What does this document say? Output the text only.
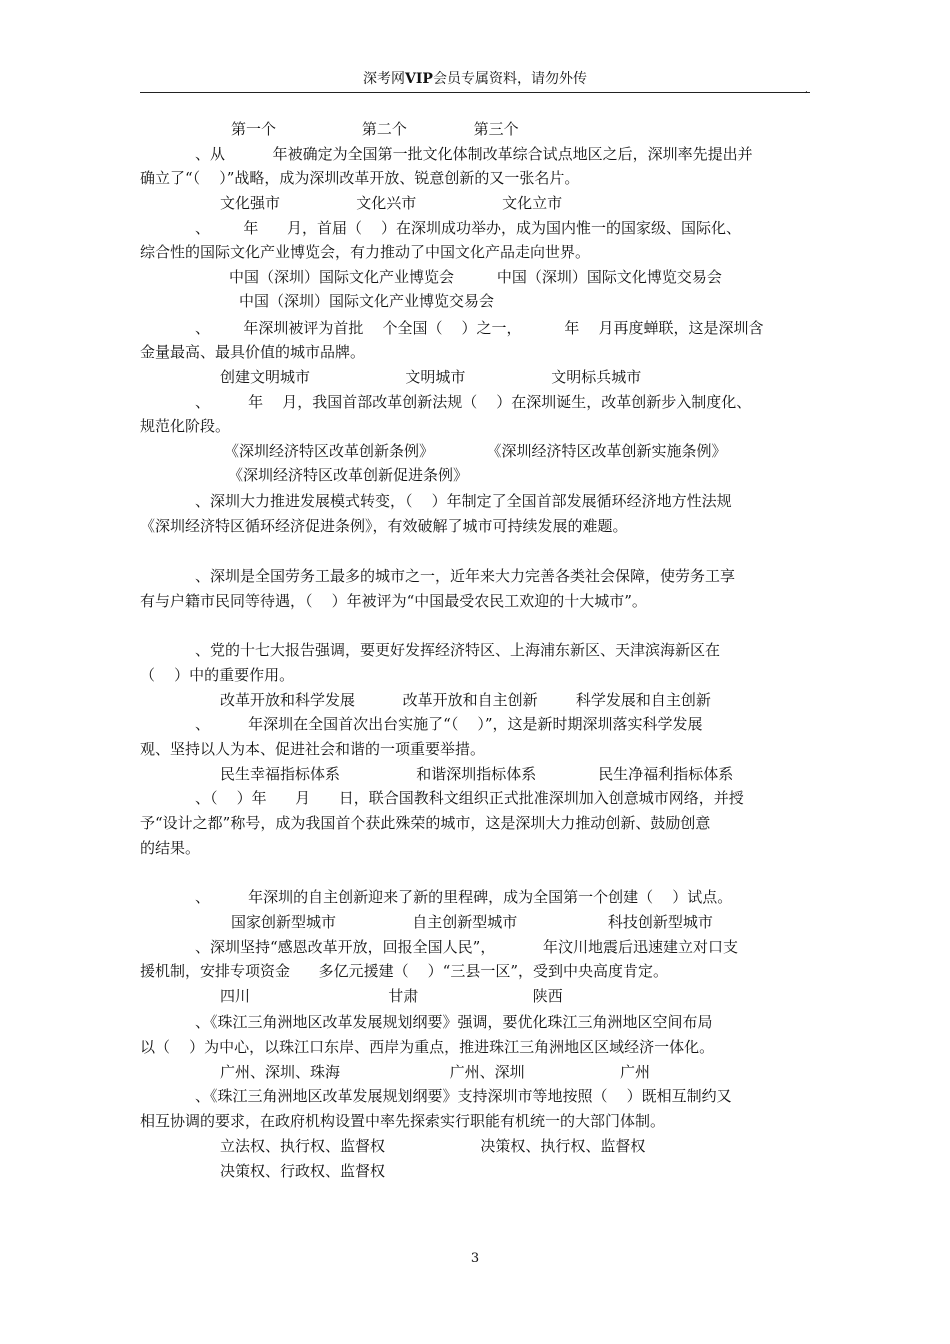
深考网VIP会员专属资料，请勿外传
,
第一个                  第二个              第三个
、从          年被确定为全国第一批文化体制改革综合试点地区之后，深圳率先提出并
确立了“（    ）”战略，成为深圳改革开放、锐意创新的又一张名片。
文化强市                文化兴市                  文化立市
、       年      月，首届（    ）在深圳成功举办，成为国内惟一的国家级、国际化、
综合性的国际文化产业博览会，有力推动了中国文化产品走向世界。
中国（深圳）国际文化产业博览会         中国（深圳）国际文化博览交易会
中国（深圳）国际文化产业博览交易会
、       年深圳被评为首批    个全国（    ）之一，         年    月再度蝉联，这是深圳含
金量最高、最具价值的城市品牌。
创建文明城市                    文明城市                  文明标兵城市
、        年    月，我国首部改革创新法规（    ）在深圳诞生，改革创新步入制度化、
规范化阶段。
《深圳经济特区改革创新条例》           《深圳经济特区改革创新实施条例》
《深圳经济特区改革创新促进条例》
、深圳大力推进发展模式转变，（    ）年制定了全国首部发展循环经济地方性法规
《深圳经济特区循环经济促进条例》，有效破解了城市可持续发展的难题。
、深圳是全国劳务工最多的城市之一，近年来大力完善各类社会保障，使劳务工享
有与户籍市民同等待遇，（    ）年被评为“中国最受农民工欢迎的十大城市”。
、党的十七大报告强调，要更好发挥经济特区、上海浦东新区、天津滨海新区在
（    ）中的重要作用。
改革开放和科学发展          改革开放和自主创新        科学发展和自主创新
、        年深圳在全国首次出台实施了“（    ）”，这是新时期深圳落实科学发展
观、坚持以人为本、促进社会和谐的一项重要举措。
民生幸福指标体系                和谐深圳指标体系             民生净福利指标体系
、（    ）年      月      日，联合国教科文组织正式批准深圳加入创意城市网络，并授
予“设计之都”称号，成为我国首个获此殊荣的城市，这是深圳大力推动创新、鼓励创意
的结果。
、        年深圳的自主创新迎来了新的里程碑，成为全国第一个创建（    ）试点。
国家创新型城市                自主创新型城市                   科技创新型城市
、深圳坚持“感恩改革开放，回报全国人民”，          年汶川地震后迅速建立对口支
援机制，安排专项资金      多亿元援建（    ）“三县一区”，受到中央高度肯定。
四川                             甘肃                        陕西
、《珠江三角洲地区改革发展规划纲要》强调，要优化珠江三角洲地区空间布局
以（    ）为中心，以珠江口东岸、西岸为重点，推进珠江三角洲地区区域经济一体化。
广州、深圳、珠海                       广州、深圳                    广州
、《珠江三角洲地区改革发展规划纲要》支持深圳市等地按照（    ）既相互制约又
相互协调的要求，在政府机构设置中率先探索实行职能有机统一的大部门体制。
立法权、执行权、监督权                    决策权、执行权、监督权
决策权、行政权、监督权
3
